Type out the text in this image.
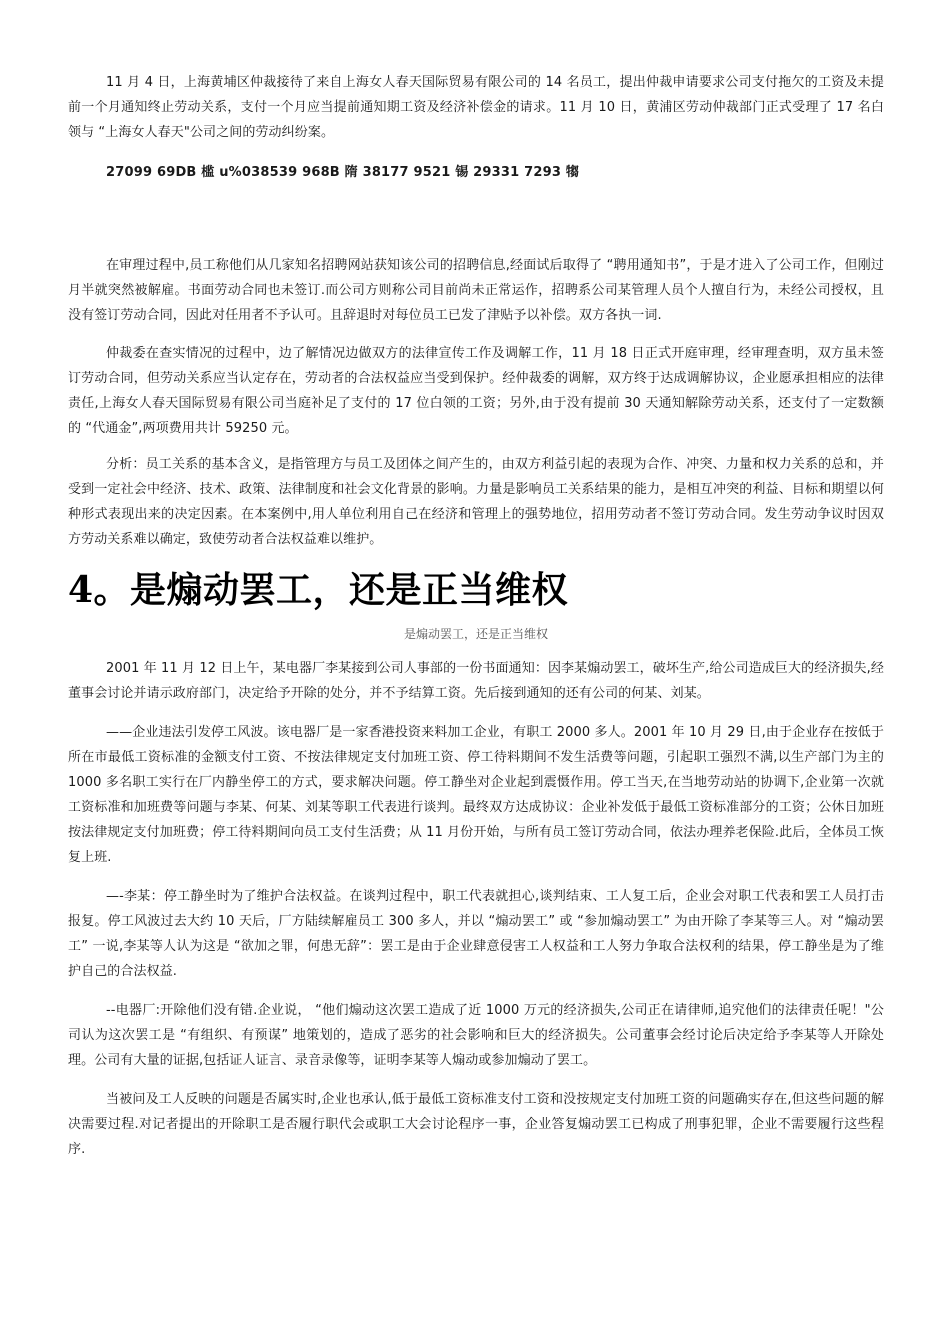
11 月 4 日，上海黄埔区仲裁接待了来自上海女人春天国际贸易有限公司的 14 名员工，提出仲裁申请要求公司支付拖欠的工资及未提前一个月通知终止劳动关系，支付一个月应当提前通知期工资及经济补偿金的请求。11 月 10 日，黄浦区劳动仲裁部门正式受理了 17 名白领与 “上海女人春天"公司之间的劳动纠纷案。

27099 69DB 槛 u%038539 968B 隋 38177 9521 锡 29331 7293 犓

在审理过程中,员工称他们从几家知名招聘网站获知该公司的招聘信息,经面试后取得了 “聘用通知书”，于是才进入了公司工作，但刚过月半就突然被解雇。书面劳动合同也未签订.而公司方则称公司目前尚未正常运作，招聘系公司某管理人员个人擅自行为，未经公司授权，且没有签订劳动合同，因此对任用者不予认可。且辞退时对每位员工已发了津贴予以补偿。双方各执一词.

仲裁委在查实情况的过程中，边了解情况边做双方的法律宣传工作及调解工作，11 月 18 日正式开庭审理，经审理查明，双方虽未签订劳动合同，但劳动关系应当认定存在，劳动者的合法权益应当受到保护。经仲裁委的调解，双方终于达成调解协议，企业愿承担相应的法律责任,上海女人春天国际贸易有限公司当庭补足了支付的 17 位白领的工资；另外,由于没有提前 30 天通知解除劳动关系，还支付了一定数额的 “代通金”,两项费用共计 59250 元。

分析：员工关系的基本含义，是指管理方与员工及团体之间产生的，由双方利益引起的表现为合作、冲突、力量和权力关系的总和，并受到一定社会中经济、技术、政策、法律制度和社会文化背景的影响。力量是影响员工关系结果的能力，是相互冲突的利益、目标和期望以何种形式表现出来的决定因素。在本案例中,用人单位利用自己在经济和管理上的强势地位，招用劳动者不签订劳动合同。发生劳动争议时因双方劳动关系难以确定，致使劳动者合法权益难以维护。

4。是煽动罢工，还是正当维权
是煽动罢工，还是正当维权

2001 年 11 月 12 日上午，某电器厂李某接到公司人事部的一份书面通知：因李某煽动罢工，破坏生产,给公司造成巨大的经济损失,经董事会讨论并请示政府部门，决定给予开除的处分，并不予结算工资。先后接到通知的还有公司的何某、刘某。

——企业违法引发停工风波。该电器厂是一家香港投资来料加工企业，有职工 2000 多人。2001 年 10 月 29 日,由于企业存在按低于所在市最低工资标准的金额支付工资、不按法律规定支付加班工资、停工待料期间不发生活费等问题，引起职工强烈不满,以生产部门为主的 1000 多名职工实行在厂内静坐停工的方式，要求解决问题。停工静坐对企业起到震慑作用。停工当天,在当地劳动站的协调下,企业第一次就工资标准和加班费等问题与李某、何某、刘某等职工代表进行谈判。最终双方达成协议：企业补发低于最低工资标准部分的工资；公休日加班按法律规定支付加班费；停工待料期间向员工支付生活费；从 11 月份开始，与所有员工签订劳动合同，依法办理养老保险.此后，全体员工恢复上班.

—-李某：停工静坐时为了维护合法权益。在谈判过程中，职工代表就担心,谈判结束、工人复工后，企业会对职工代表和罢工人员打击报复。停工风波过去大约 10 天后，厂方陆续解雇员工 300 多人，并以 “煽动罢工” 或 “参加煽动罢工” 为由开除了李某等三人。对 “煽动罢工” 一说,李某等人认为这是 “欲加之罪，何患无辞”：罢工是由于企业肆意侵害工人权益和工人努力争取合法权利的结果，停工静坐是为了维护自己的合法权益.

--电器厂:开除他们没有错.企业说， “他们煽动这次罢工造成了近 1000 万元的经济损失,公司正在请律师,追究他们的法律责任呢！"公司认为这次罢工是 “有组织、有预谋” 地策划的，造成了恶劣的社会影响和巨大的经济损失。公司董事会经讨论后决定给予李某等人开除处理。公司有大量的证据,包括证人证言、录音录像等，证明李某等人煽动或参加煽动了罢工。

当被问及工人反映的问题是否属实时,企业也承认,低于最低工资标准支付工资和没按规定支付加班工资的问题确实存在,但这些问题的解决需要过程.对记者提出的开除职工是否履行职代会或职工大会讨论程序一事，企业答复煽动罢工已构成了刑事犯罪，企业不需要履行这些程序.
